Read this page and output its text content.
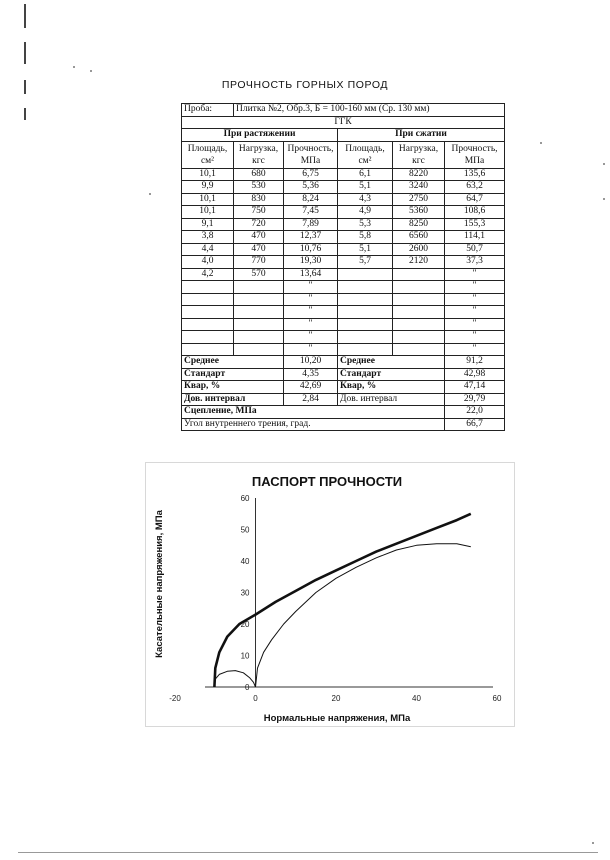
ПРОЧНОСТЬ ГОРНЫХ ПОРОД
Проба:	Плитка №2, Обр.3, Б = 100-160 мм (Ср. 130 мм)				
ГГК					
При растяжении			При сжатии		
Площадь, см²	Нагрузка, кгс	Прочность, МПа	Площадь, см²	Нагрузка, кгс	Прочность, МПа
10,1	680	6,75	6,1	8220	135,6
9,9	530	5,36	5,1	3240	63,2
10,1	830	8,24	4,3	2750	64,7
10,1	750	7,45	4,9	5360	108,6
9,1	720	7,89	5,3	8250	155,3
3,8	470	12,37	5,8	6560	114,1
4,4	470	10,76	5,1	2600	50,7
4,0	770	19,30	5,7	2120	37,3
4,2	570	13,64			"
		"			"
		"			"
		"			"
		"			"
		"			"
		"			"
Среднее		10,20	Среднее		91,2
Стандарт		4,35	Стандарт		42,98
Квар, %		42,69	Квар, %		47,14
Дов. интервал		2,84	Дов. интервал		29,79
Сцепление, МПа					22,0
Угол внутреннего трения, град.					66,7
ПАСПОРТ ПРОЧНОСТИ
-20	0	20	40	60
0
10
20
30
40
50
60
Нормальные напряжения, МПа
Касательные напряжения, МПа
